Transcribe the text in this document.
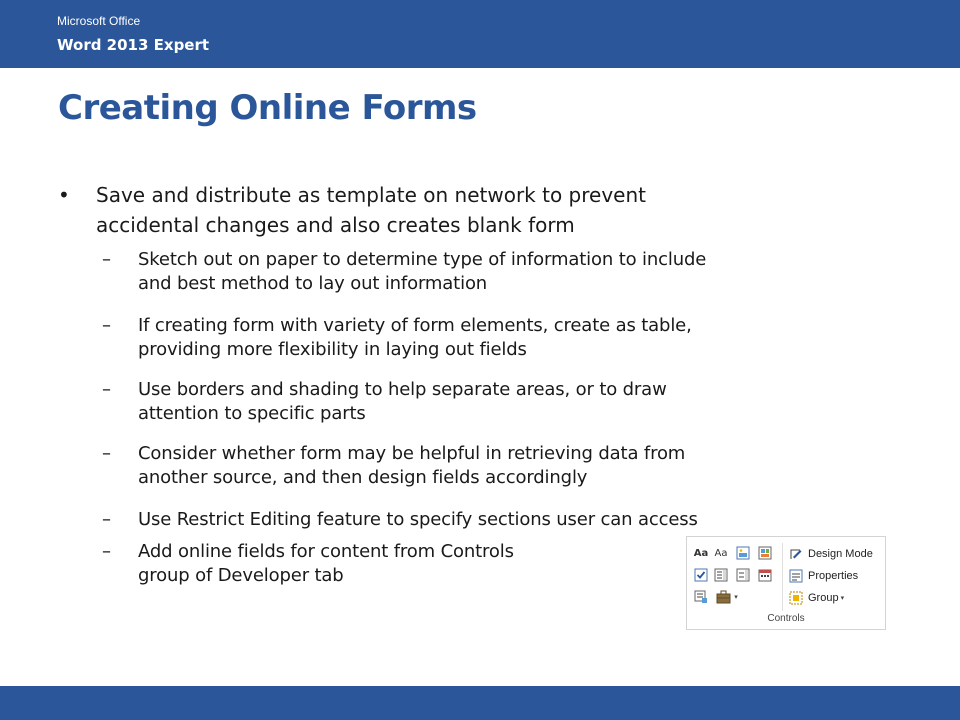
Microsoft Office
Word 2013 Expert
Creating Online Forms
• Save and distribute as template on network to prevent
accidental changes and also creates blank form
– Sketch out on paper to determine type of information to include
and best method to lay out information
– If creating form with variety of form elements, create as table,
providing more flexibility in laying out fields
– Use borders and shading to help separate areas, or to draw
attention to specific parts
– Consider whether form may be helpful in retrieving data from
another source, and then design fields accordingly
– Use Restrict Editing feature to specify sections user can access
– Add online fields for content from Controls
group of Developer tab
Aa Aa
▾
Design Mode
Properties
Group ▾
Controls
